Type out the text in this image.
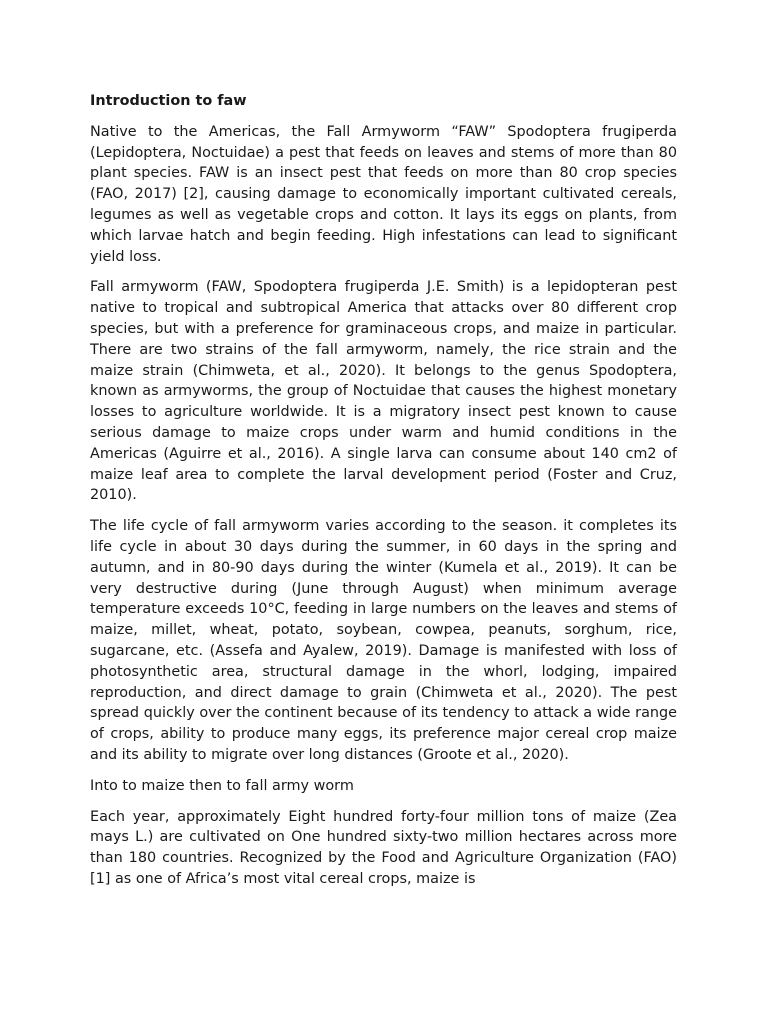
Introduction to faw

Native to the Americas, the Fall Armyworm “FAW” Spodoptera frugiperda (Lepidoptera, Noctuidae) a pest that feeds on leaves and stems of more than 80 plant species. FAW is an insect pest that feeds on more than 80 crop species (FAO, 2017) [2], causing damage to economically important cultivated cereals, legumes as well as vegetable crops and cotton. It lays its eggs on plants, from which larvae hatch and begin feeding. High infestations can lead to significant yield loss.

Fall armyworm (FAW, Spodoptera frugiperda J.E. Smith) is a lepidopteran pest native to tropical and subtropical America that attacks over 80 different crop species, but with a preference for graminaceous crops, and maize in particular. There are two strains of the fall armyworm, namely, the rice strain and the maize strain (Chimweta, et al., 2020). It belongs to the genus Spodoptera, known as armyworms, the group of Noctuidae that causes the highest monetary losses to agriculture worldwide. It is a migratory insect pest known to cause serious damage to maize crops under warm and humid conditions in the Americas (Aguirre et al., 2016). A single larva can consume about 140 cm2 of maize leaf area to complete the larval development period (Foster and Cruz, 2010).

The life cycle of fall armyworm varies according to the season. it completes its life cycle in about 30 days during the summer, in 60 days in the spring and autumn, and in 80-90 days during the winter (Kumela et al., 2019). It can be very destructive during (June through August) when minimum average temperature exceeds 10°C, feeding in large numbers on the leaves and stems of maize, millet, wheat, potato, soybean, cowpea, peanuts, sorghum, rice, sugarcane, etc. (Assefa and Ayalew, 2019). Damage is manifested with loss of photosynthetic area, structural damage in the whorl, lodging, impaired reproduction, and direct damage to grain (Chimweta et al., 2020). The pest spread quickly over the continent because of its tendency to attack a wide range of crops, ability to produce many eggs, its preference major cereal crop maize and its ability to migrate over long distances (Groote et al., 2020).

Into to maize then to fall army worm

Each year, approximately Eight hundred forty-four million tons of maize (Zea mays L.) are cultivated on One hundred sixty-two million hectares across more than 180 countries. Recognized by the Food and Agriculture Organization (FAO) [1] as one of Africa’s most vital cereal crops, maize is
